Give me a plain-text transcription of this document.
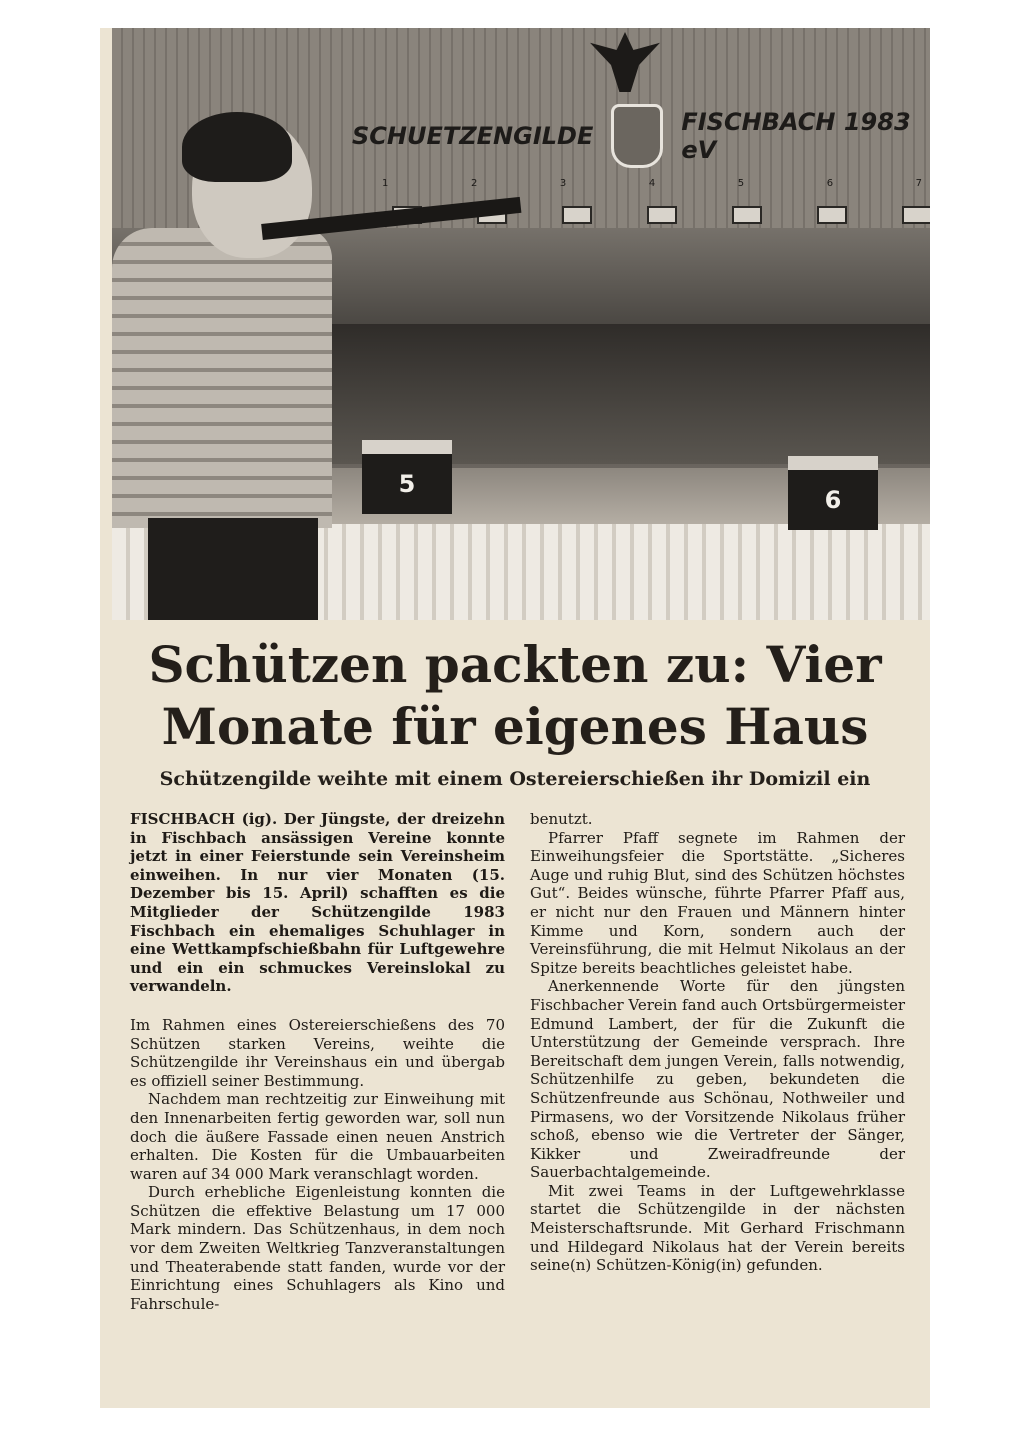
SCHUETZENGILDE	FISCHBACH 1983 eV
1	2	3	4	5	6	7
5
6
Schützen packten zu: Vier Monate für eigenes Haus
Schützengilde weihte mit einem Ostereierschießen ihr Domizil ein

FISCHBACH (ig). Der Jüngste, der dreizehn in Fischbach ansässigen Vereine konnte jetzt in einer Feierstunde sein Vereinsheim einweihen. In nur vier Monaten (15. Dezember bis 15. April) schafften es die Mitglieder der Schützengilde 1983 Fischbach ein ehemaliges Schuhlager in eine Wettkampfschießbahn für Luftgewehre und ein ein schmuckes Vereinslokal zu verwandeln.

Im Rahmen eines Ostereierschießens des 70 Schützen starken Vereins, weihte die Schützengilde ihr Vereinshaus ein und übergab es offiziell seiner Bestimmung.

Nachdem man rechtzeitig zur Einweihung mit den Innenarbeiten fertig geworden war, soll nun doch die äußere Fassade einen neuen Anstrich erhalten. Die Kosten für die Umbauarbeiten waren auf 34 000 Mark veranschlagt worden.

Durch erhebliche Eigenleistung konnten die Schützen die effektive Belastung um 17 000 Mark mindern. Das Schützenhaus, in dem noch vor dem Zweiten Weltkrieg Tanzveranstaltungen und Theaterabende statt fanden, wurde vor der Einrichtung eines Schuhlagers als Kino und Fahrschule-

benutzt.

Pfarrer Pfaff segnete im Rahmen der Einweihungsfeier die Sportstätte. „Sicheres Auge und ruhig Blut, sind des Schützen höchstes Gut“. Beides wünsche, führte Pfarrer Pfaff aus, er nicht nur den Frauen und Männern hinter Kimme und Korn, sondern auch der Vereinsführung, die mit Helmut Nikolaus an der Spitze bereits beachtliches geleistet habe.

Anerkennende Worte für den jüngsten Fischbacher Verein fand auch Ortsbürgermeister Edmund Lambert, der für die Zukunft die Unterstützung der Gemeinde versprach. Ihre Bereitschaft dem jungen Verein, falls notwendig, Schützenhilfe zu geben, bekundeten die Schützenfreunde aus Schönau, Nothweiler und Pirmasens, wo der Vorsitzende Nikolaus früher schoß, ebenso wie die Vertreter der Sänger, Kikker und Zweiradfreunde der Sauerbachtalgemeinde.

Mit zwei Teams in der Luftgewehrklasse startet die Schützengilde in der nächsten Meisterschaftsrunde. Mit Gerhard Frischmann und Hildegard Nikolaus hat der Verein bereits seine(n) Schützen-König(in) gefunden.
